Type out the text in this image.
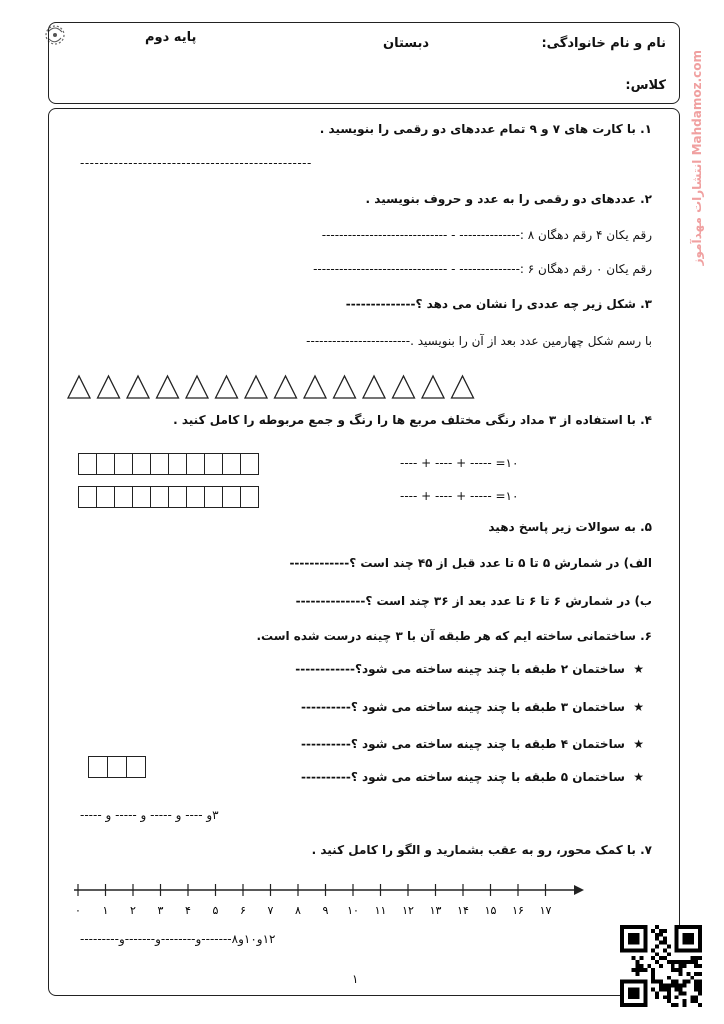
نام و نام خانوادگی:
دبستان
پایه دوم
کلاس:
انتشارات مهدآموز Mahdamoz.com
۱. با کارت های ۷ و ۹ تمام عددهای دو رقمی را بنویسید .
------------------------------------------------
۲. عددهای دو رقمی را به عدد و حروف بنویسید .
رقم یکان ۴ رقم دهگان ۸ :-------------- - -----------------------------
رقم یکان ۰ رقم دهگان ۶ :-------------- - -------------------------------
۳. شکل زیر چه عددی را نشان می دهد ؟--------------
با رسم شکل چهارمین عدد بعد از آن را بنویسید .------------------------
۴. با استفاده از ۳ مداد رنگی مختلف مربع ها را رنگ و جمع مربوطه را کامل کنید .
۱۰= ----- + ---- + ----
۱۰= ----- + ---- + ----
۵. به سوالات زیر پاسخ دهید
الف) در شمارش ۵ تا ۵ تا عدد قبل از ۴۵ چند است ؟------------
ب) در شمارش ۶ تا ۶ تا عدد بعد از ۳۶ چند است ؟--------------
۶. ساختمانی ساخته ایم که هر طبقه آن با ۳ چینه درست شده است.
★  ساختمان ۲ طبقه با چند چینه ساخته می شود؟------------
★  ساختمان ۳ طبقه با چند چینه ساخته می شود ؟----------
★  ساختمان ۴ طبقه با چند چینه ساخته می شود ؟----------
★  ساختمان ۵ طبقه با چند چینه ساخته می شود ؟----------
۳و ---- و ----- و ----- و -----
۷. با کمک محور، رو به عقب بشمارید و الگو را کامل کنید .
۰ ۱ ۲ ۳ ۴ ۵ ۶ ۷ ۸ ۹ ۱۰ ۱۱ ۱۲ ۱۳ ۱۴ ۱۵ ۱۶ ۱۷
۱۲و۱۰و۸-------و--------و-------و---------
۱
